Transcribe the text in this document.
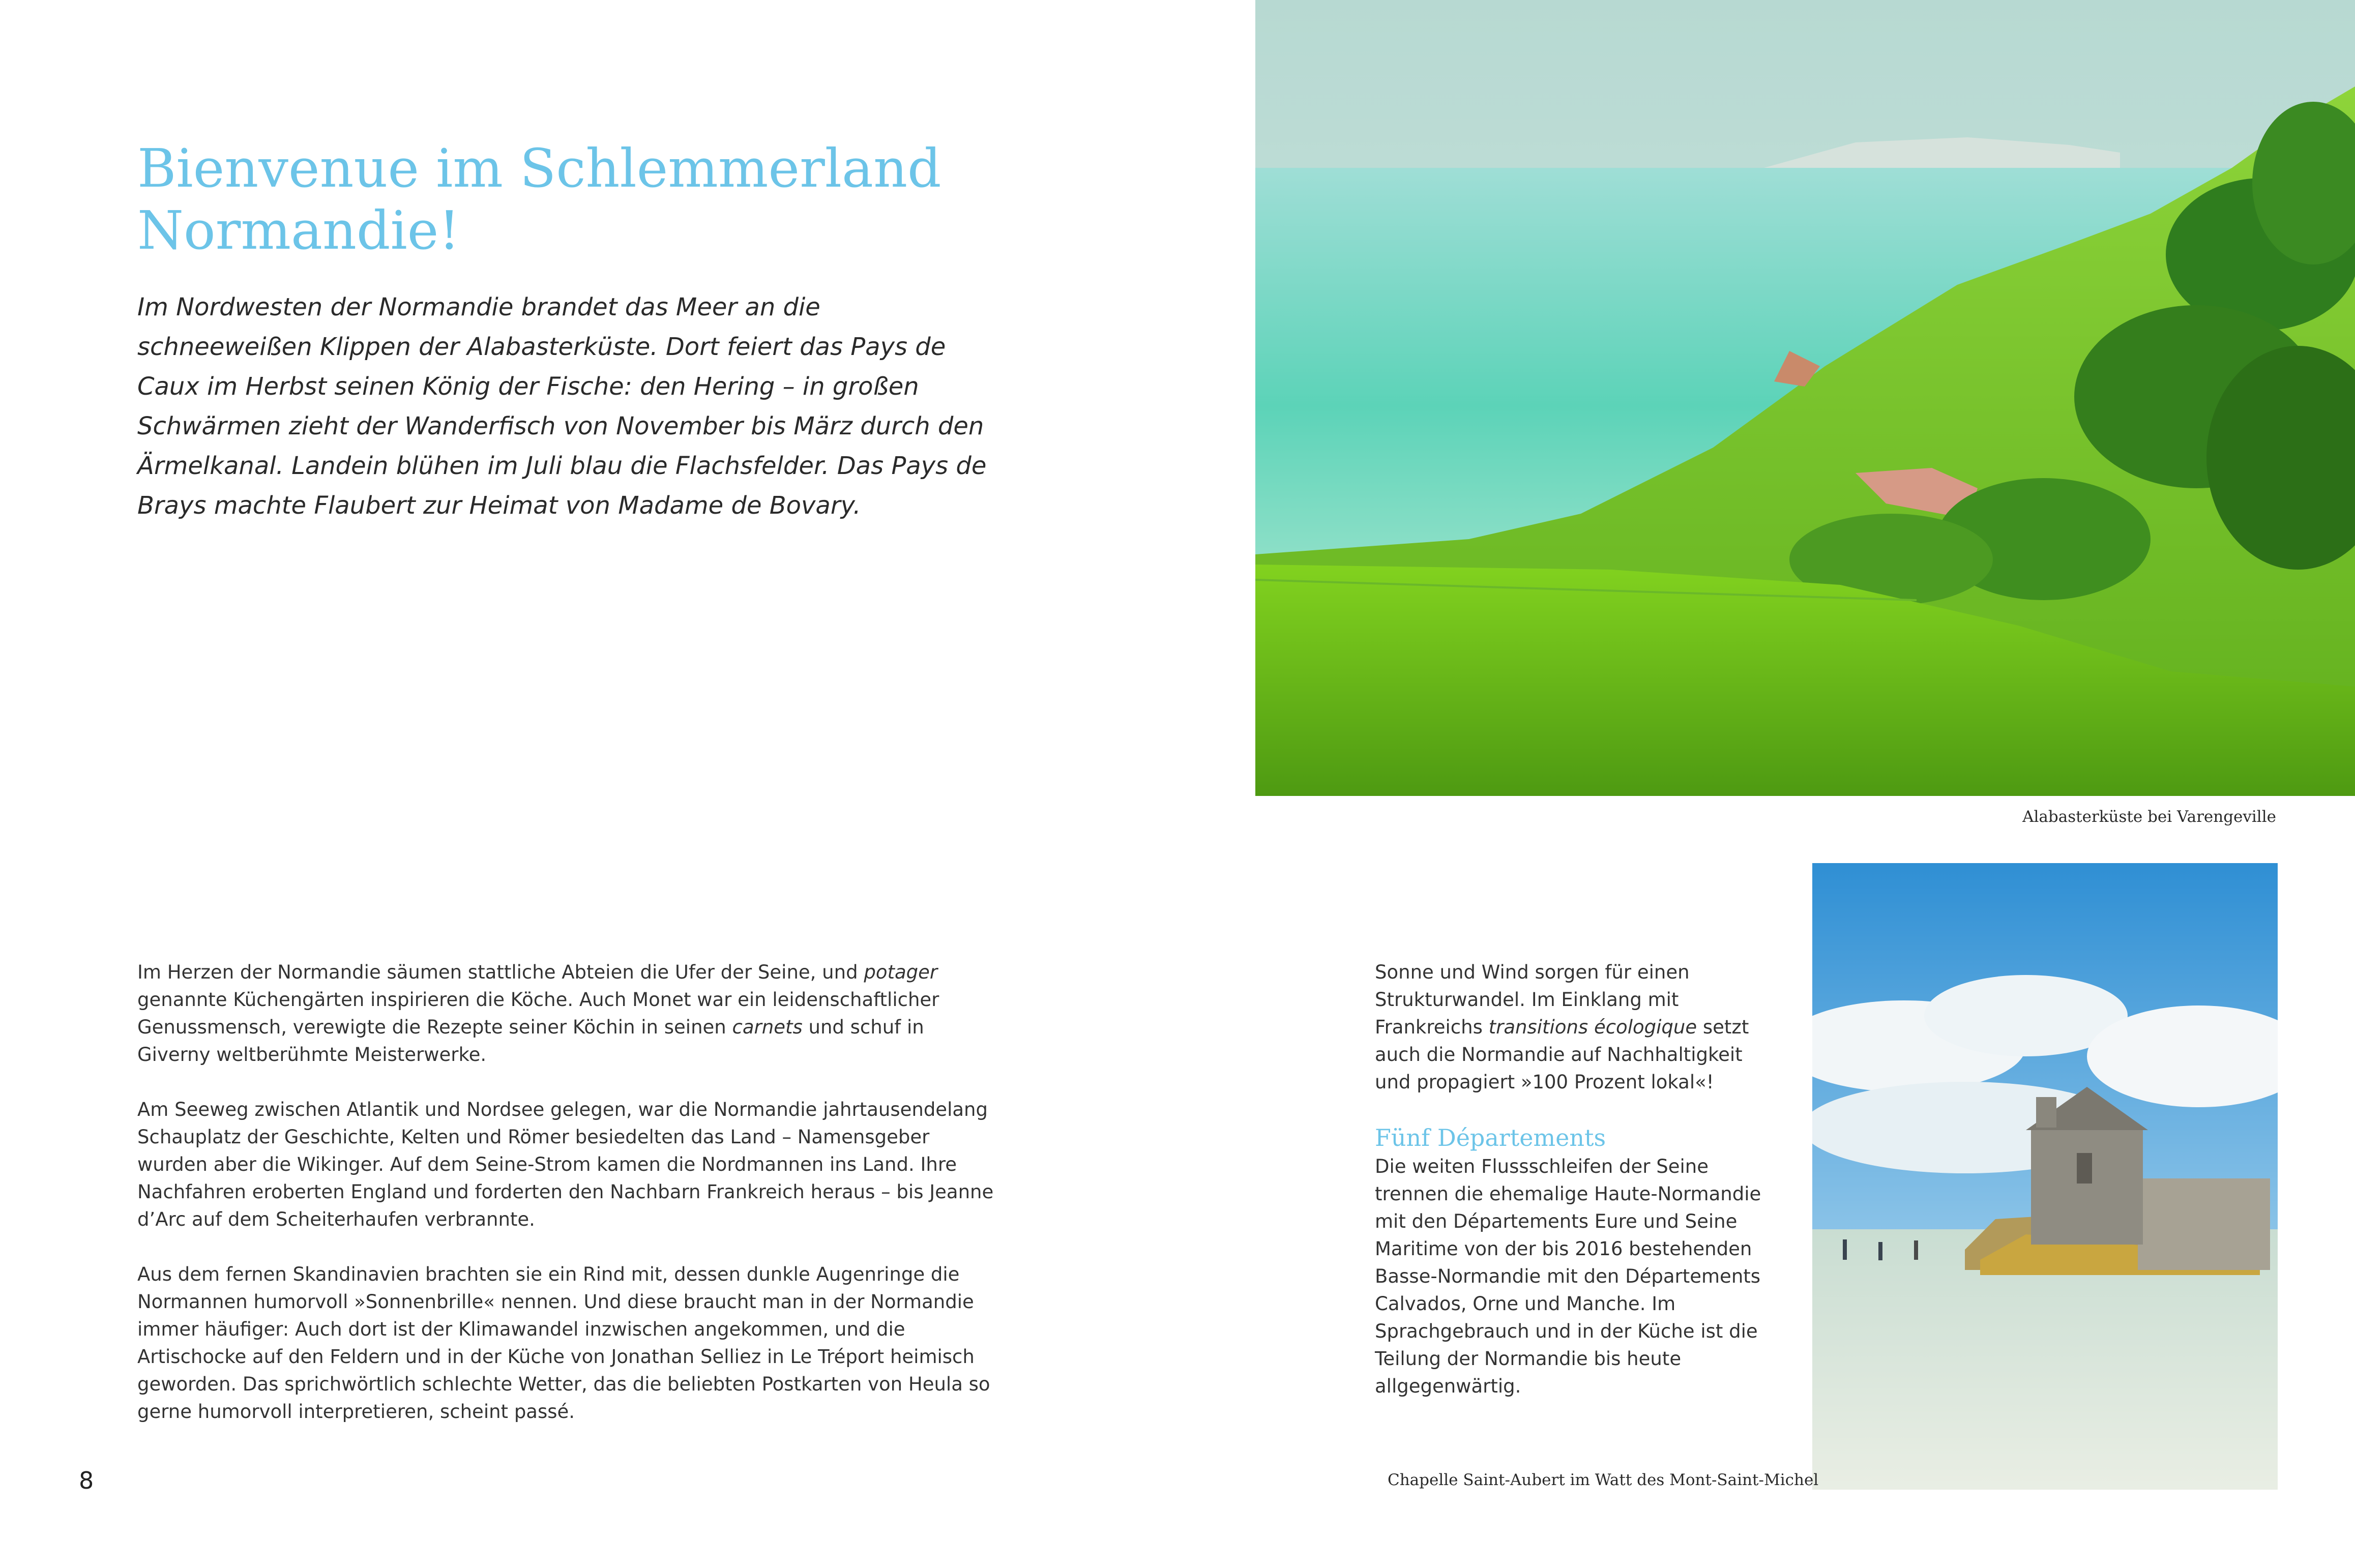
Bienvenue im Schlemmerland Normandie!

Im Nordwesten der Normandie brandet das Meer an die schneeweißen Klippen der Alabasterküste. Dort feiert das Pays de Caux im Herbst seinen König der Fische: den Hering – in großen Schwärmen zieht der Wanderfisch von November bis März durch den Ärmelkanal. Landein blühen im Juli blau die Flachsfelder. Das Pays de Brays machte Flaubert zur Heimat von Madame de Bovary.

Im Herzen der Normandie säumen stattliche Abteien die Ufer der Seine, und potager genannte Küchengärten inspirieren die Köche. Auch Monet war ein leidenschaftlicher Genussmensch, verewigte die Rezepte seiner Köchin in seinen carnets und schuf in Giverny weltberühmte Meisterwerke.

Am Seeweg zwischen Atlantik und Nordsee gelegen, war die Normandie jahrtausendelang Schauplatz der Geschichte, Kelten und Römer besiedelten das Land – Namensgeber wurden aber die Wikinger. Auf dem Seine-Strom kamen die Nordmannen ins Land. Ihre Nachfahren eroberten England und forderten den Nachbarn Frankreich heraus – bis Jeanne d’Arc auf dem Scheiterhaufen verbrannte.

Aus dem fernen Skandinavien brachten sie ein Rind mit, dessen dunkle Augenringe die Normannen humorvoll »Sonnenbrille« nennen. Und diese braucht man in der Normandie immer häufiger: Auch dort ist der Klimawandel inzwischen angekommen, und die Artischocke auf den Feldern und in der Küche von Jonathan Selliez in Le Tréport heimisch geworden. Das sprichwörtlich schlechte Wetter, das die beliebten Postkarten von Heula so gerne humorvoll interpretieren, scheint passé.

8
Alabasterküste bei Varengeville

Sonne und Wind sorgen für einen Strukturwandel. Im Einklang mit Frankreichs transitions écologique setzt auch die Normandie auf Nachhaltigkeit und propagiert »100 Prozent lokal«!

Fünf Départements

Die weiten Flussschleifen der Seine trennen die ehemalige Haute-Normandie mit den Départements Eure und Seine Maritime von der bis 2016 bestehenden Basse-Normandie mit den Départements Calvados, Orne und Manche. Im Sprachgebrauch und in der Küche ist die Teilung der Normandie bis heute allgegenwärtig.

Chapelle Saint-Aubert im Watt des Mont-Saint-Michel
